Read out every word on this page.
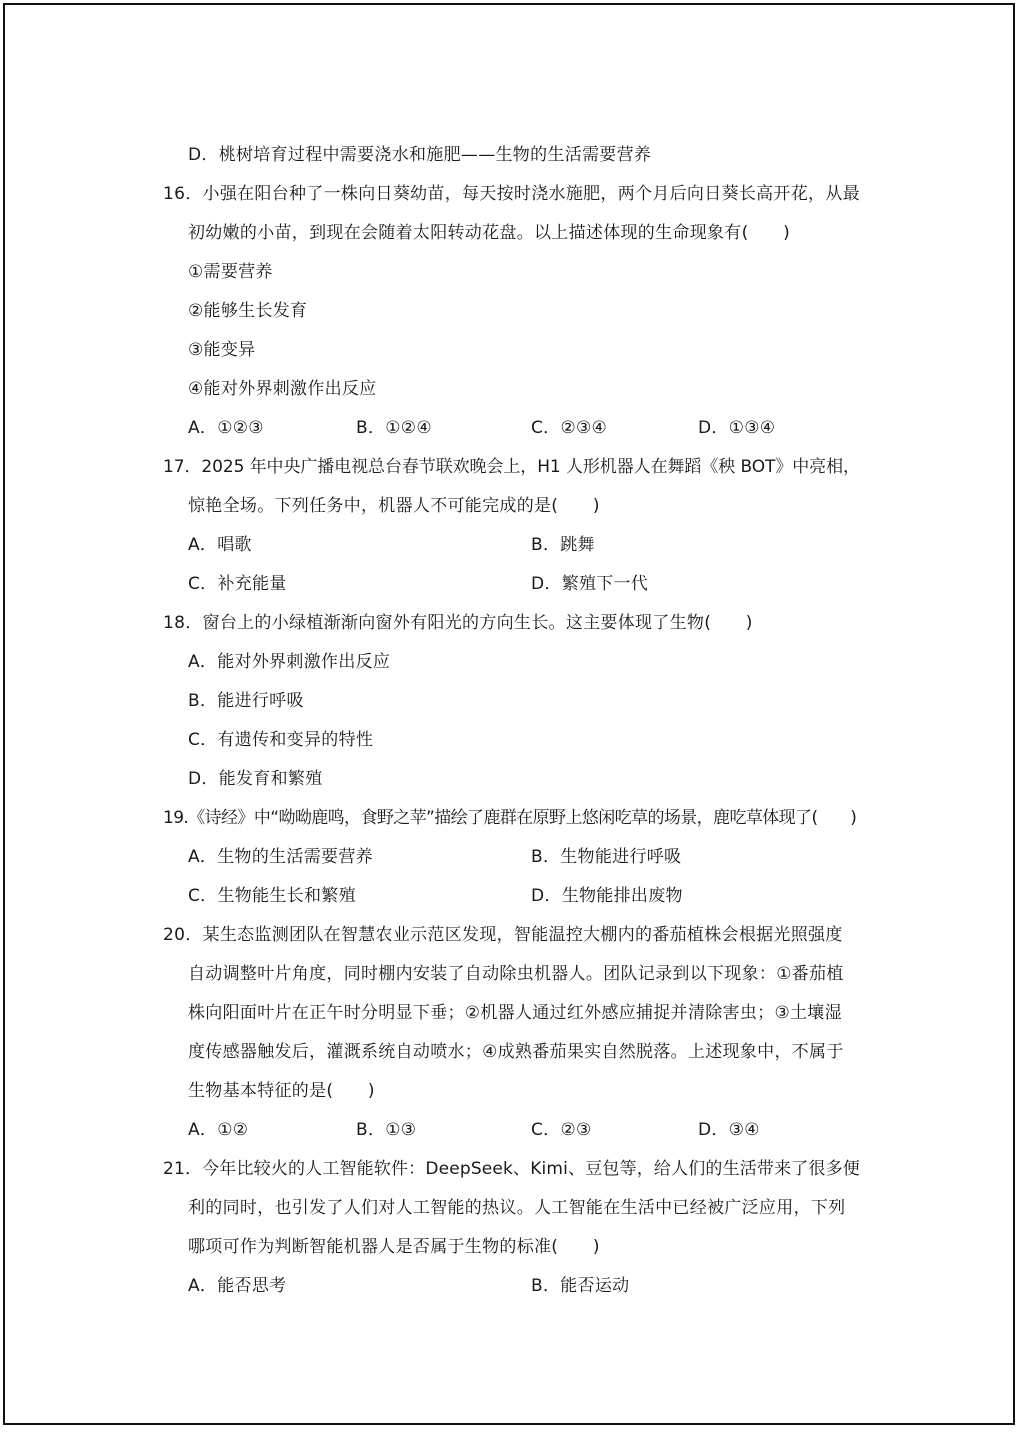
D．桃树培育过程中需要浇水和施肥——生物的生活需要营养
16．小强在阳台种了一株向日葵幼苗，每天按时浇水施肥，两个月后向日葵长高开花，从最
初幼嫩的小苗，到现在会随着太阳转动花盘。以上描述体现的生命现象有(　　)
①需要营养
②能够生长发育
③能变异
④能对外界刺激作出反应
A．①②③	B．①②④	C．②③④	D．①③④
17．2025 年中央广播电视总台春节联欢晚会上，H1 人形机器人在舞蹈《秧 BOT》中亮相，
惊艳全场。下列任务中，机器人不可能完成的是(　　)
A．唱歌	B．跳舞
C．补充能量	D．繁殖下一代
18．窗台上的小绿植渐渐向窗外有阳光的方向生长。这主要体现了生物(　　)
A．能对外界刺激作出反应
B．能进行呼吸
C．有遗传和变异的特性
D．能发育和繁殖
19.《诗经》中“呦呦鹿鸣，食野之苹”描绘了鹿群在原野上悠闲吃草的场景，鹿吃草体现了(　　)
A．生物的生活需要营养	B．生物能进行呼吸
C．生物能生长和繁殖	D．生物能排出废物
20．某生态监测团队在智慧农业示范区发现，智能温控大棚内的番茄植株会根据光照强度
自动调整叶片角度，同时棚内安装了自动除虫机器人。团队记录到以下现象：①番茄植
株向阳面叶片在正午时分明显下垂；②机器人通过红外感应捕捉并清除害虫；③土壤湿
度传感器触发后，灌溉系统自动喷水；④成熟番茄果实自然脱落。上述现象中，不属于
生物基本特征的是(　　)
A．①②	B．①③	C．②③	D．③④
21．今年比较火的人工智能软件：DeepSeek、Kimi、豆包等，给人们的生活带来了很多便
利的同时，也引发了人们对人工智能的热议。人工智能在生活中已经被广泛应用，下列
哪项可作为判断智能机器人是否属于生物的标准(　　)
A．能否思考	B．能否运动
